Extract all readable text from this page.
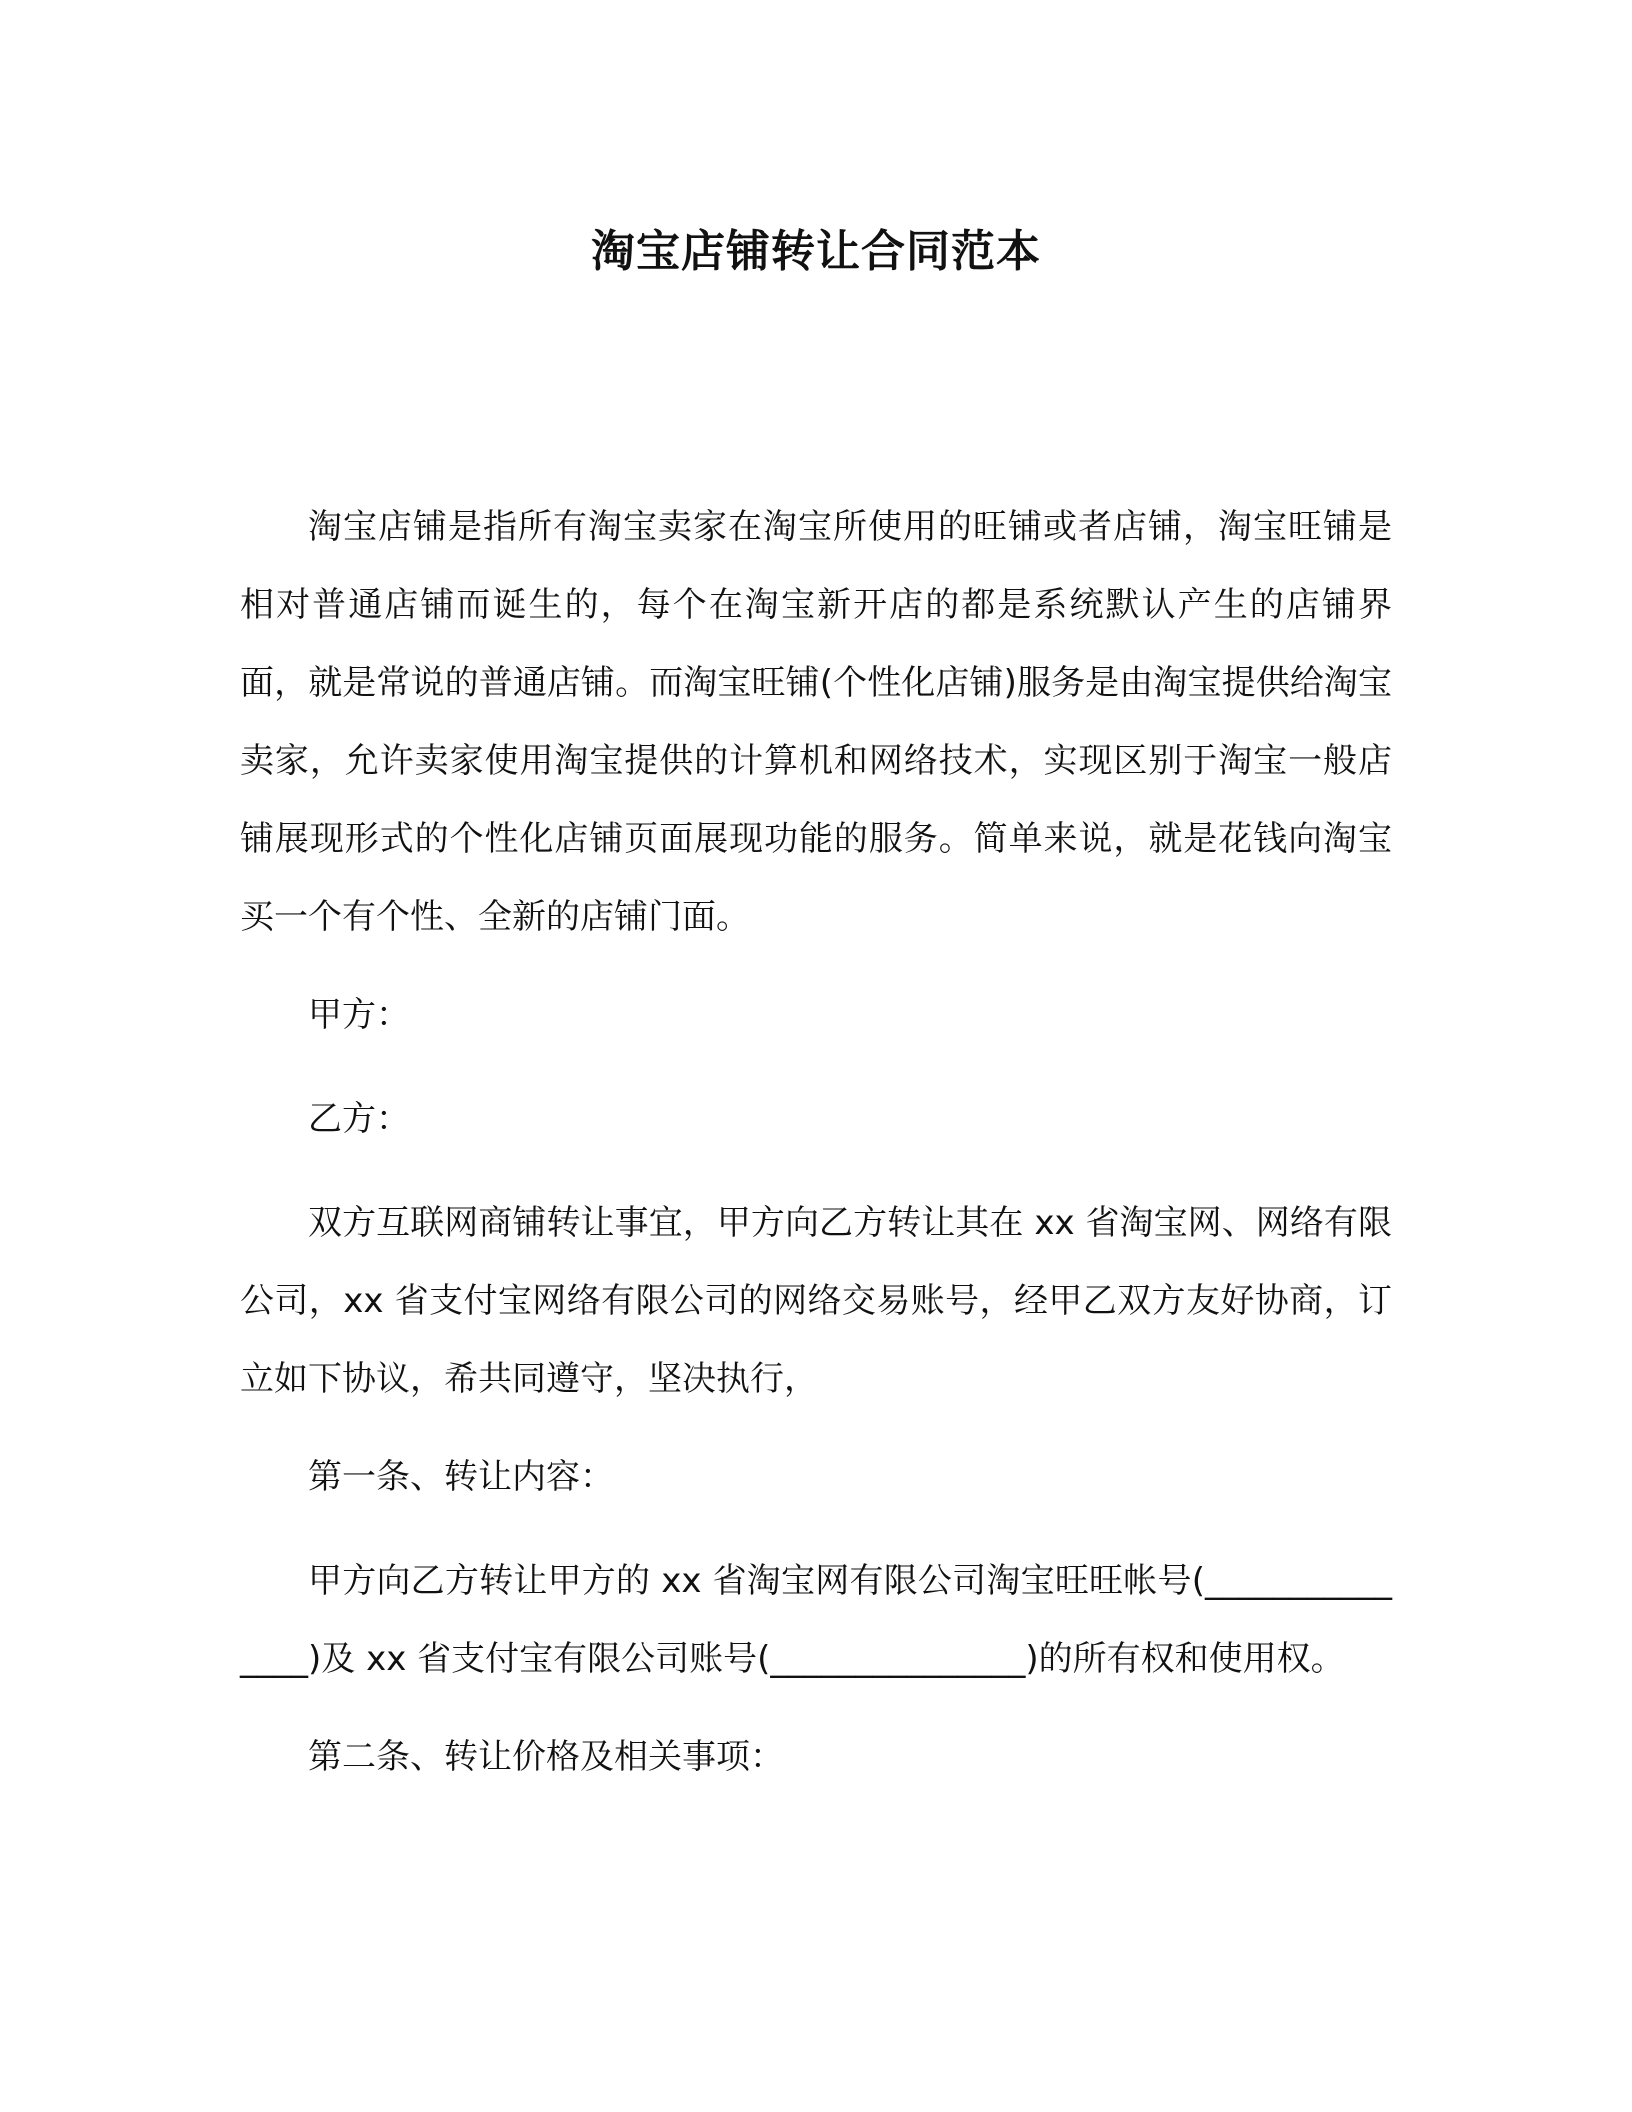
淘宝店铺转让合同范本

淘宝店铺是指所有淘宝卖家在淘宝所使用的旺铺或者店铺，淘宝旺铺是相对普通店铺而诞生的，每个在淘宝新开店的都是系统默认产生的店铺界面，就是常说的普通店铺。而淘宝旺铺(个性化店铺)服务是由淘宝提供给淘宝卖家，允许卖家使用淘宝提供的计算机和网络技术，实现区别于淘宝一般店铺展现形式的个性化店铺页面展现功能的服务。简单来说，就是花钱向淘宝买一个有个性、全新的店铺门面。

甲方：

乙方：

双方互联网商铺转让事宜，甲方向乙方转让其在 xx 省淘宝网、网络有限公司，xx 省支付宝网络有限公司的网络交易账号，经甲乙双方友好协商，订立如下协议，希共同遵守，坚决执行，

第一条、转让内容：

甲方向乙方转让甲方的 xx 省淘宝网有限公司淘宝旺旺帐号(_______________)及 xx 省支付宝有限公司账号(_______________)的所有权和使用权。

第二条、转让价格及相关事项：
